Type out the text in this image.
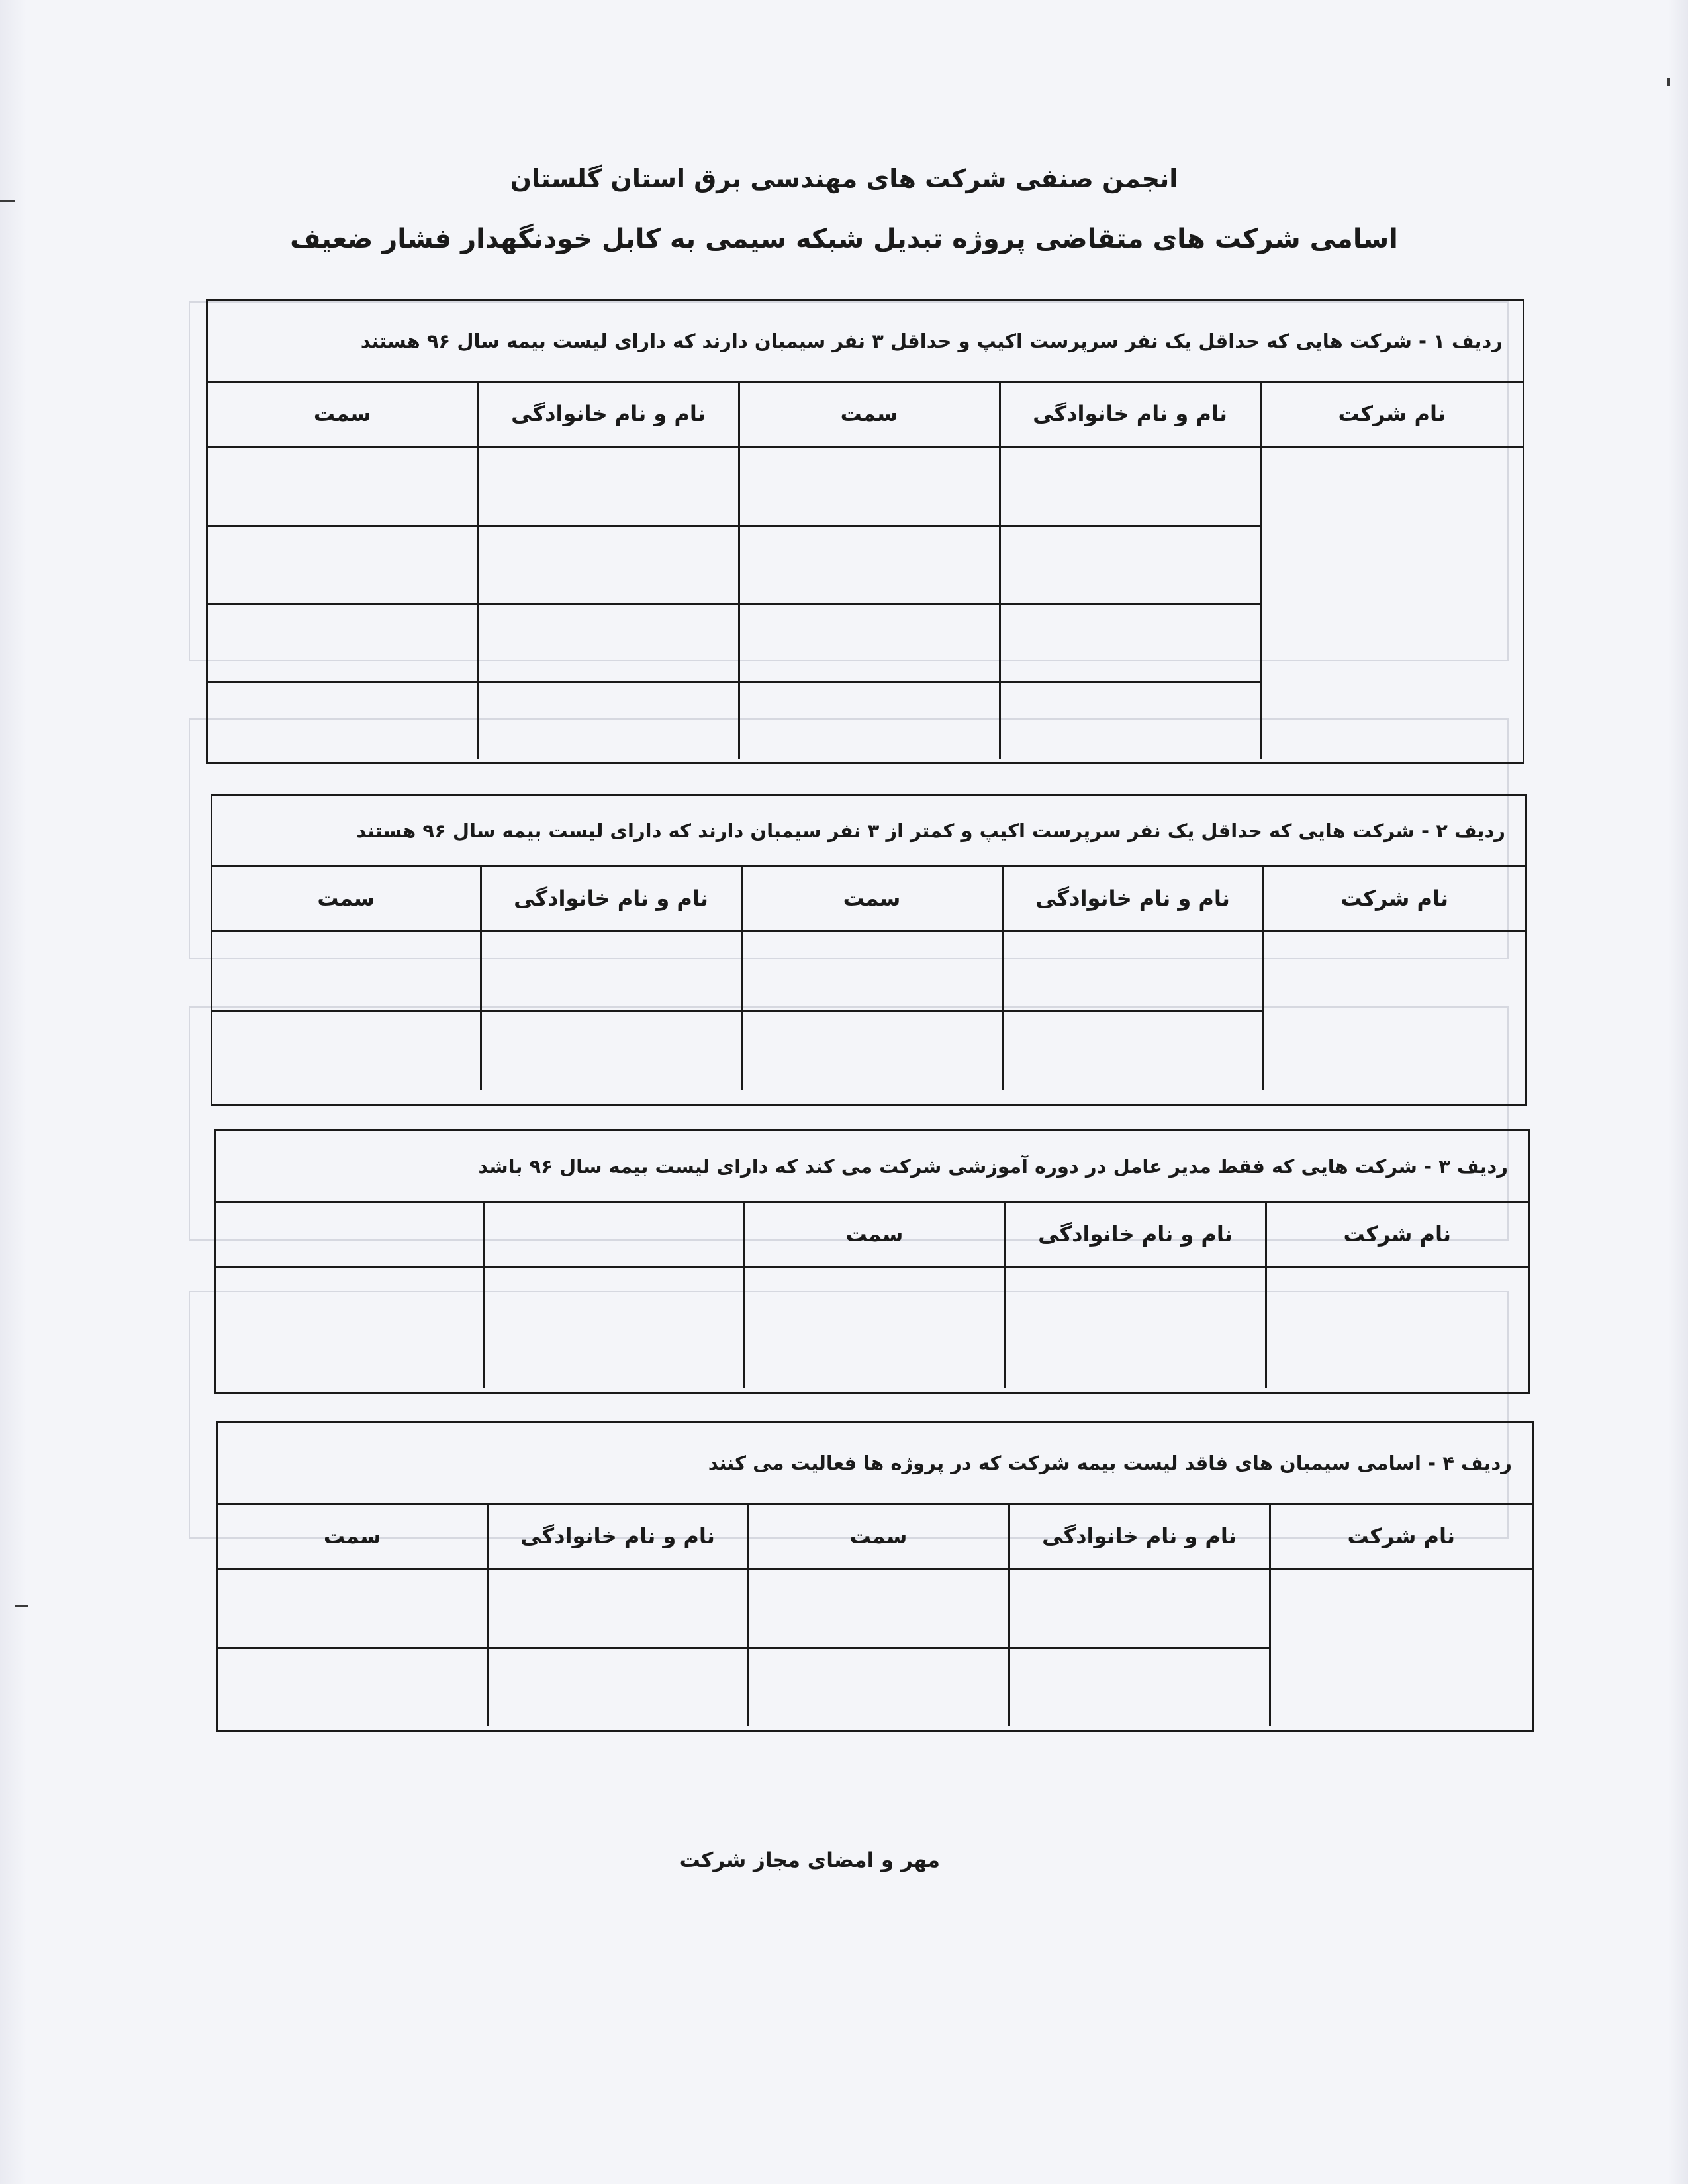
انجمن صنفی شرکت های مهندسی برق استان گلستان
اسامی شرکت های متقاضی پروژه تبدیل شبکه سیمی به کابل خودنگهدار فشار ضعیف
ردیف ۱ - شرکت هایی که حداقل یک نفر سرپرست اکیپ و حداقل ۳ نفر سیمبان دارند که دارای لیست بیمه سال ۹۶ هستند
نام شرکت	نام و نام خانوادگی	سمت	نام و نام خانوادگی	سمت

ردیف ۲ - شرکت هایی که حداقل یک نفر سرپرست اکیپ و کمتر از ۳ نفر سیمبان دارند که دارای لیست بیمه سال ۹۶ هستند
نام شرکت	نام و نام خانوادگی	سمت	نام و نام خانوادگی	سمت

ردیف ۳ - شرکت هایی که فقط مدیر عامل در دوره آموزشی شرکت می کند که دارای لیست بیمه سال ۹۶ باشد
نام شرکت	نام و نام خانوادگی	سمت		

ردیف ۴ - اسامی سیمبان های فاقد لیست بیمه شرکت که در پروژه ها فعالیت می کنند
نام شرکت	نام و نام خانوادگی	سمت	نام و نام خانوادگی	سمت

مهر و امضای مجاز شرکت
